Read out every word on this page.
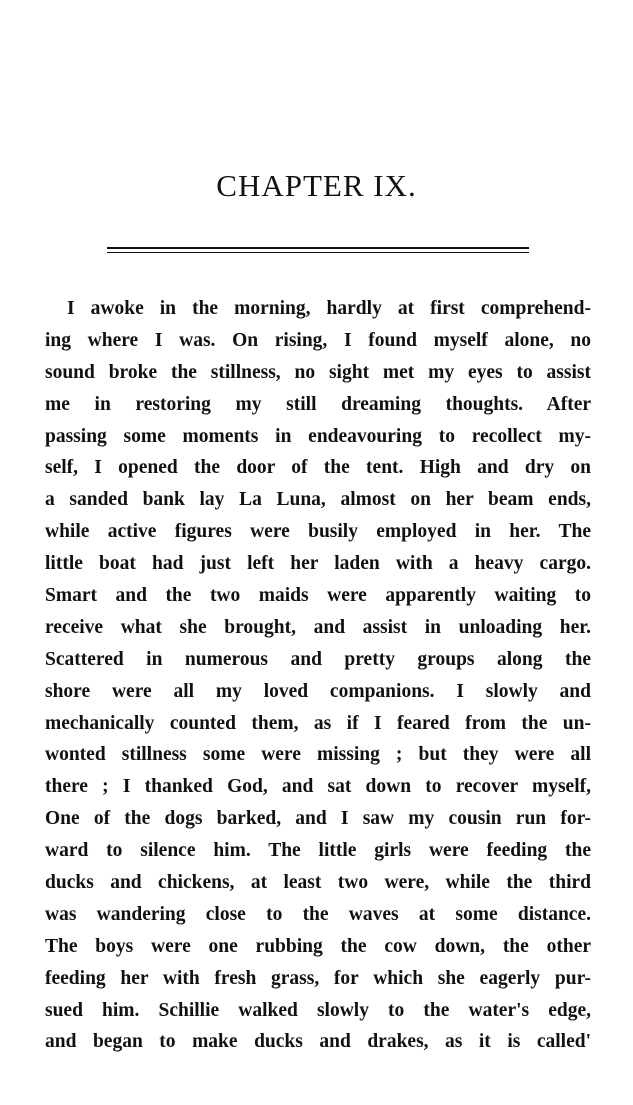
CHAPTER IX.

I awoke in the morning, hardly at first comprehend-
ing where I was. On rising, I found myself alone, no
sound broke the stillness, no sight met my eyes to assist
me in restoring my still dreaming thoughts. After
passing some moments in endeavouring to recollect my-
self, I opened the door of the tent. High and dry on
a sanded bank lay La Luna, almost on her beam ends,
while active figures were busily employed in her. The
little boat had just left her laden with a heavy cargo.
Smart and the two maids were apparently waiting to
receive what she brought, and assist in unloading her.
Scattered in numerous and pretty groups along the
shore were all my loved companions. I slowly and
mechanically counted them, as if I feared from the un-
wonted stillness some were missing ; but they were all
there ; I thanked God, and sat down to recover myself,
One of the dogs barked, and I saw my cousin run for-
ward to silence him. The little girls were feeding the
ducks and chickens, at least two were, while the third
was wandering close to the waves at some distance.
The boys were one rubbing the cow down, the other
feeding her with fresh grass, for which she eagerly pur-
sued him. Schillie walked slowly to the water's edge,
and began to make ducks and drakes, as it is called'
